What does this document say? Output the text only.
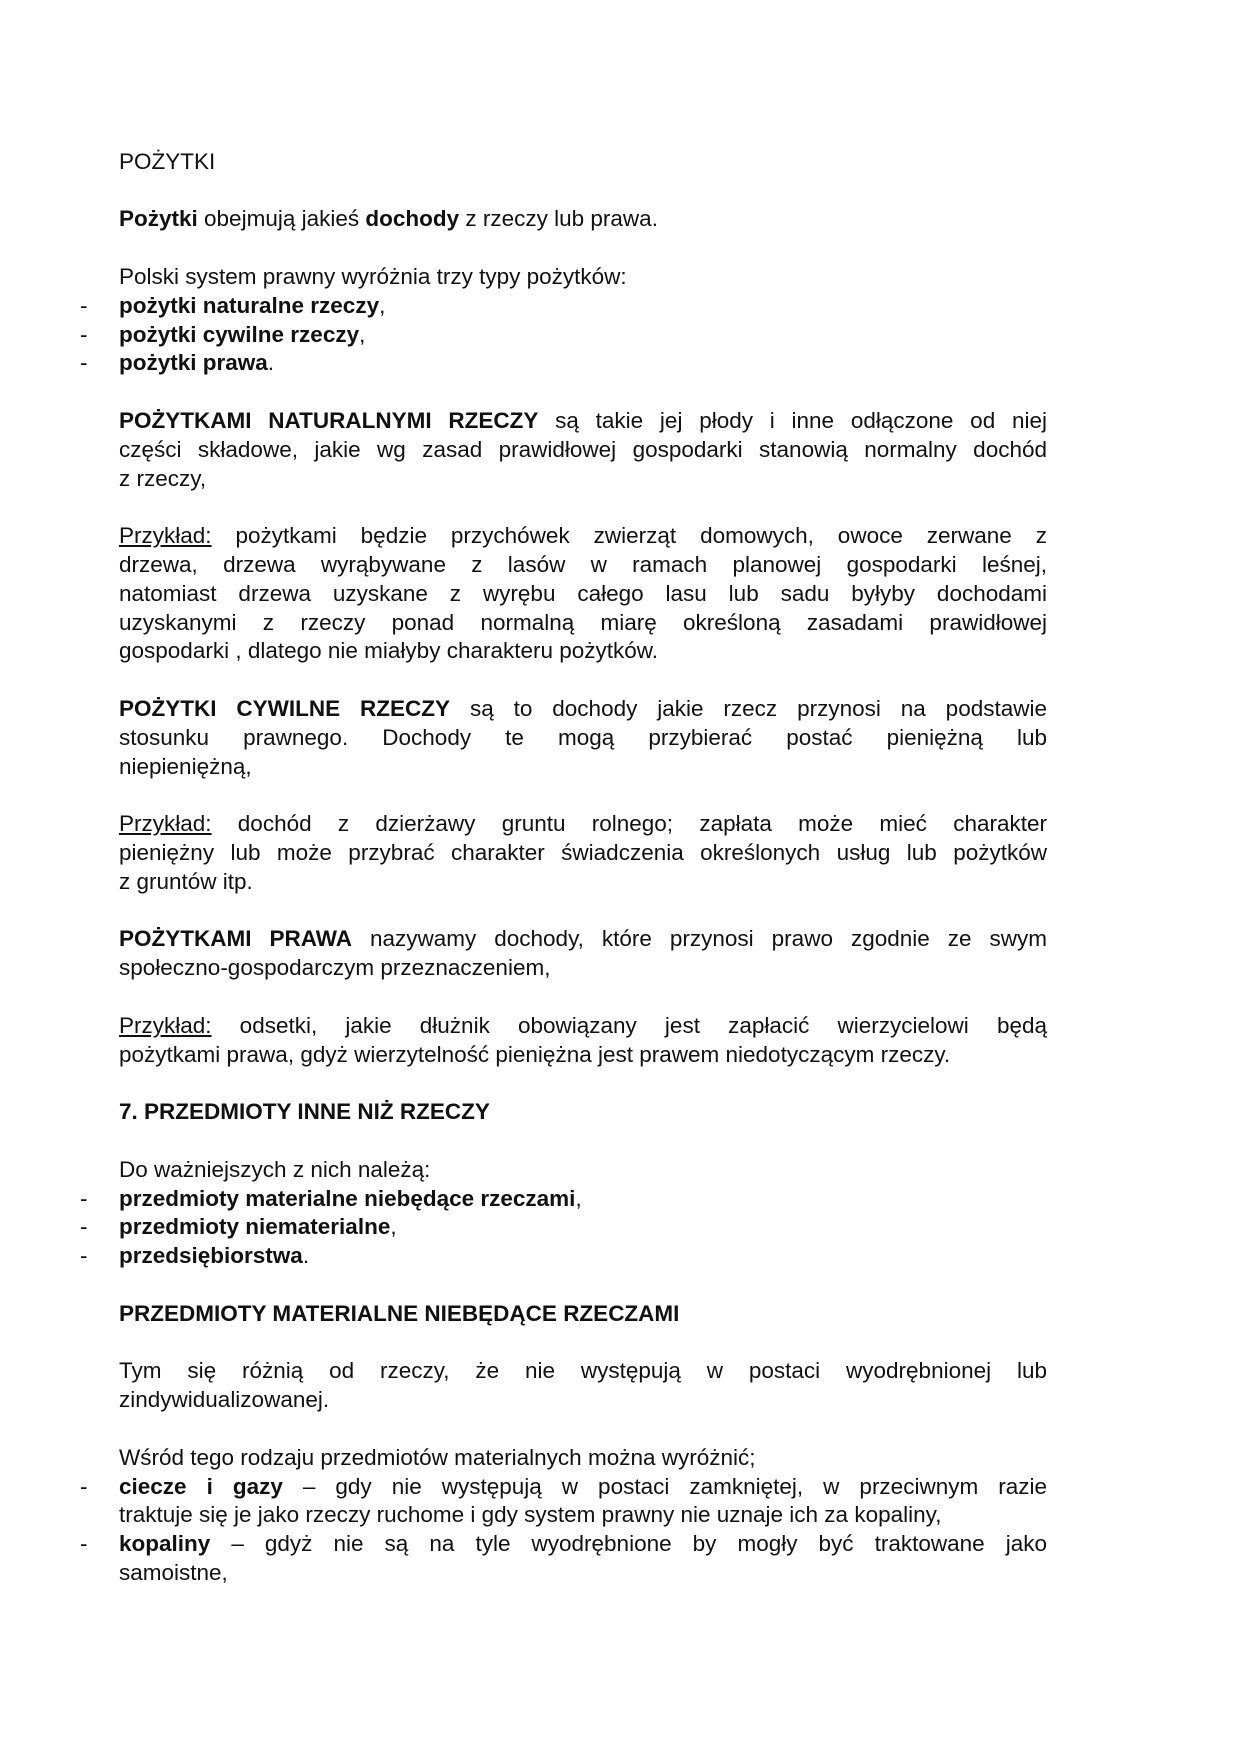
POŻYTKI
Pożytki obejmują jakieś dochody z rzeczy lub prawa.
Polski system prawny wyróżnia trzy typy pożytków:
- pożytki naturalne rzeczy,
- pożytki cywilne rzeczy,
- pożytki prawa.
POŻYTKAMI NATURALNYMI RZECZY są takie jej płody i inne odłączone od niej
części składowe, jakie wg zasad prawidłowej gospodarki stanowią normalny dochód
z rzeczy,
Przykład: pożytkami będzie przychówek zwierząt domowych, owoce zerwane z
drzewa, drzewa wyrąbywane z lasów w ramach planowej gospodarki leśnej,
natomiast drzewa uzyskane z wyrębu całego lasu lub sadu byłyby dochodami
uzyskanymi z rzeczy ponad normalną miarę określoną zasadami prawidłowej
gospodarki , dlatego nie miałyby charakteru pożytków.
POŻYTKI CYWILNE RZECZY są to dochody jakie rzecz przynosi na podstawie
stosunku prawnego. Dochody te mogą przybierać postać pieniężną lub
niepieniężną,
Przykład: dochód z dzierżawy gruntu rolnego; zapłata może mieć charakter
pieniężny lub może przybrać charakter świadczenia określonych usług lub pożytków
z gruntów itp.
POŻYTKAMI PRAWA nazywamy dochody, które przynosi prawo zgodnie ze swym
społeczno-gospodarczym przeznaczeniem,
Przykład: odsetki, jakie dłużnik obowiązany jest zapłacić wierzycielowi będą
pożytkami prawa, gdyż wierzytelność pieniężna jest prawem niedotyczącym rzeczy.
7. PRZEDMIOTY INNE NIŻ RZECZY
Do ważniejszych z nich należą:
- przedmioty materialne niebędące rzeczami,
- przedmioty niematerialne,
- przedsiębiorstwa.
PRZEDMIOTY MATERIALNE NIEBĘDĄCE RZECZAMI
Tym się różnią od rzeczy, że nie występują w postaci wyodrębnionej lub
zindywidualizowanej.
Wśród tego rodzaju przedmiotów materialnych można wyróżnić;
- ciecze i gazy – gdy nie występują w postaci zamkniętej, w przeciwnym razie
traktuje się je jako rzeczy ruchome i gdy system prawny nie uznaje ich za kopaliny,
- kopaliny – gdyż nie są na tyle wyodrębnione by mogły być traktowane jako
samoistne,
